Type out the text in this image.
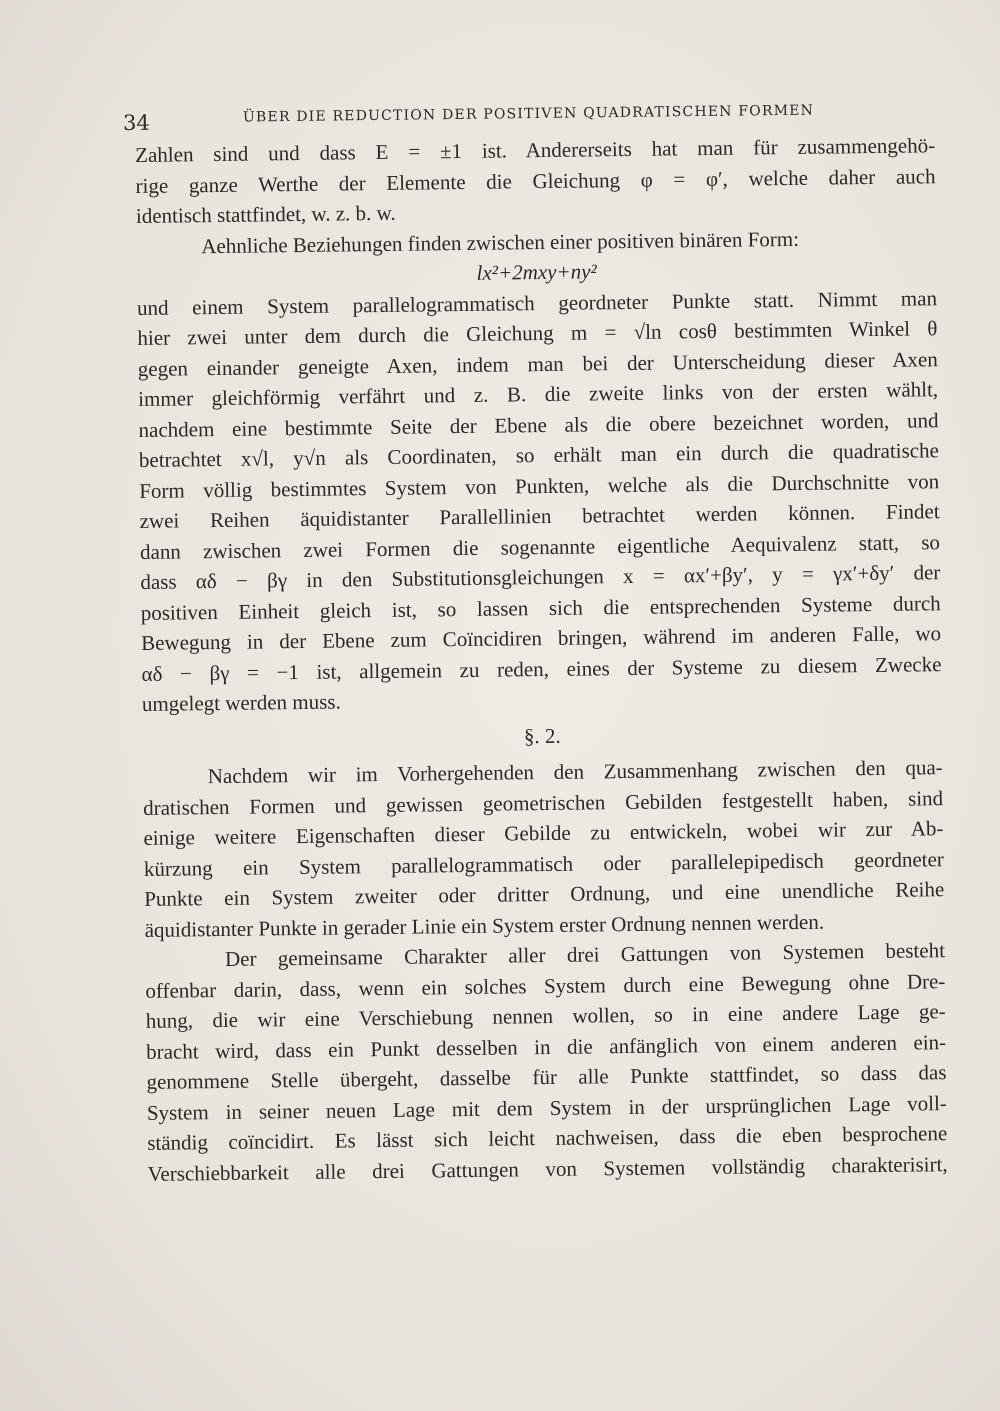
34	ÜBER DIE REDUCTION DER POSITIVEN QUADRATISCHEN FORMEN
Zahlen sind und dass E = ±1 ist. Andererseits hat man für zusammengehö-
rige ganze Werthe der Elemente die Gleichung φ = φ′, welche daher auch
identisch stattfindet, w. z. b. w.
Aehnliche Beziehungen finden zwischen einer positiven binären Form:
lx²+2mxy+ny²
und einem System parallelogrammatisch geordneter Punkte statt. Nimmt man
hier zwei unter dem durch die Gleichung m = √ln cosθ bestimmten Winkel θ
gegen einander geneigte Axen, indem man bei der Unterscheidung dieser Axen
immer gleichförmig verfährt und z. B. die zweite links von der ersten wählt,
nachdem eine bestimmte Seite der Ebene als die obere bezeichnet worden, und
betrachtet x√l, y√n als Coordinaten, so erhält man ein durch die quadratische
Form völlig bestimmtes System von Punkten, welche als die Durchschnitte von
zwei Reihen äquidistanter Parallellinien betrachtet werden können. Findet
dann zwischen zwei Formen die sogenannte eigentliche Aequivalenz statt, so
dass αδ − βγ in den Substitutionsgleichungen x = αx′+βy′, y = γx′+δy′ der
positiven Einheit gleich ist, so lassen sich die entsprechenden Systeme durch
Bewegung in der Ebene zum Coïncidiren bringen, während im anderen Falle, wo
αδ − βγ = −1 ist, allgemein zu reden, eines der Systeme zu diesem Zwecke
umgelegt werden muss.
§. 2.
Nachdem wir im Vorhergehenden den Zusammenhang zwischen den qua-
dratischen Formen und gewissen geometrischen Gebilden festgestellt haben, sind
einige weitere Eigenschaften dieser Gebilde zu entwickeln, wobei wir zur Ab-
kürzung ein System parallelogrammatisch oder parallelepipedisch geordneter
Punkte ein System zweiter oder dritter Ordnung, und eine unendliche Reihe
äquidistanter Punkte in gerader Linie ein System erster Ordnung nennen werden.
Der gemeinsame Charakter aller drei Gattungen von Systemen besteht
offenbar darin, dass, wenn ein solches System durch eine Bewegung ohne Dre-
hung, die wir eine Verschiebung nennen wollen, so in eine andere Lage ge-
bracht wird, dass ein Punkt desselben in die anfänglich von einem anderen ein-
genommene Stelle übergeht, dasselbe für alle Punkte stattfindet, so dass das
System in seiner neuen Lage mit dem System in der ursprünglichen Lage voll-
ständig coïncidirt. Es lässt sich leicht nachweisen, dass die eben besprochene
Verschiebbarkeit alle drei Gattungen von Systemen vollständig charakterisirt,
